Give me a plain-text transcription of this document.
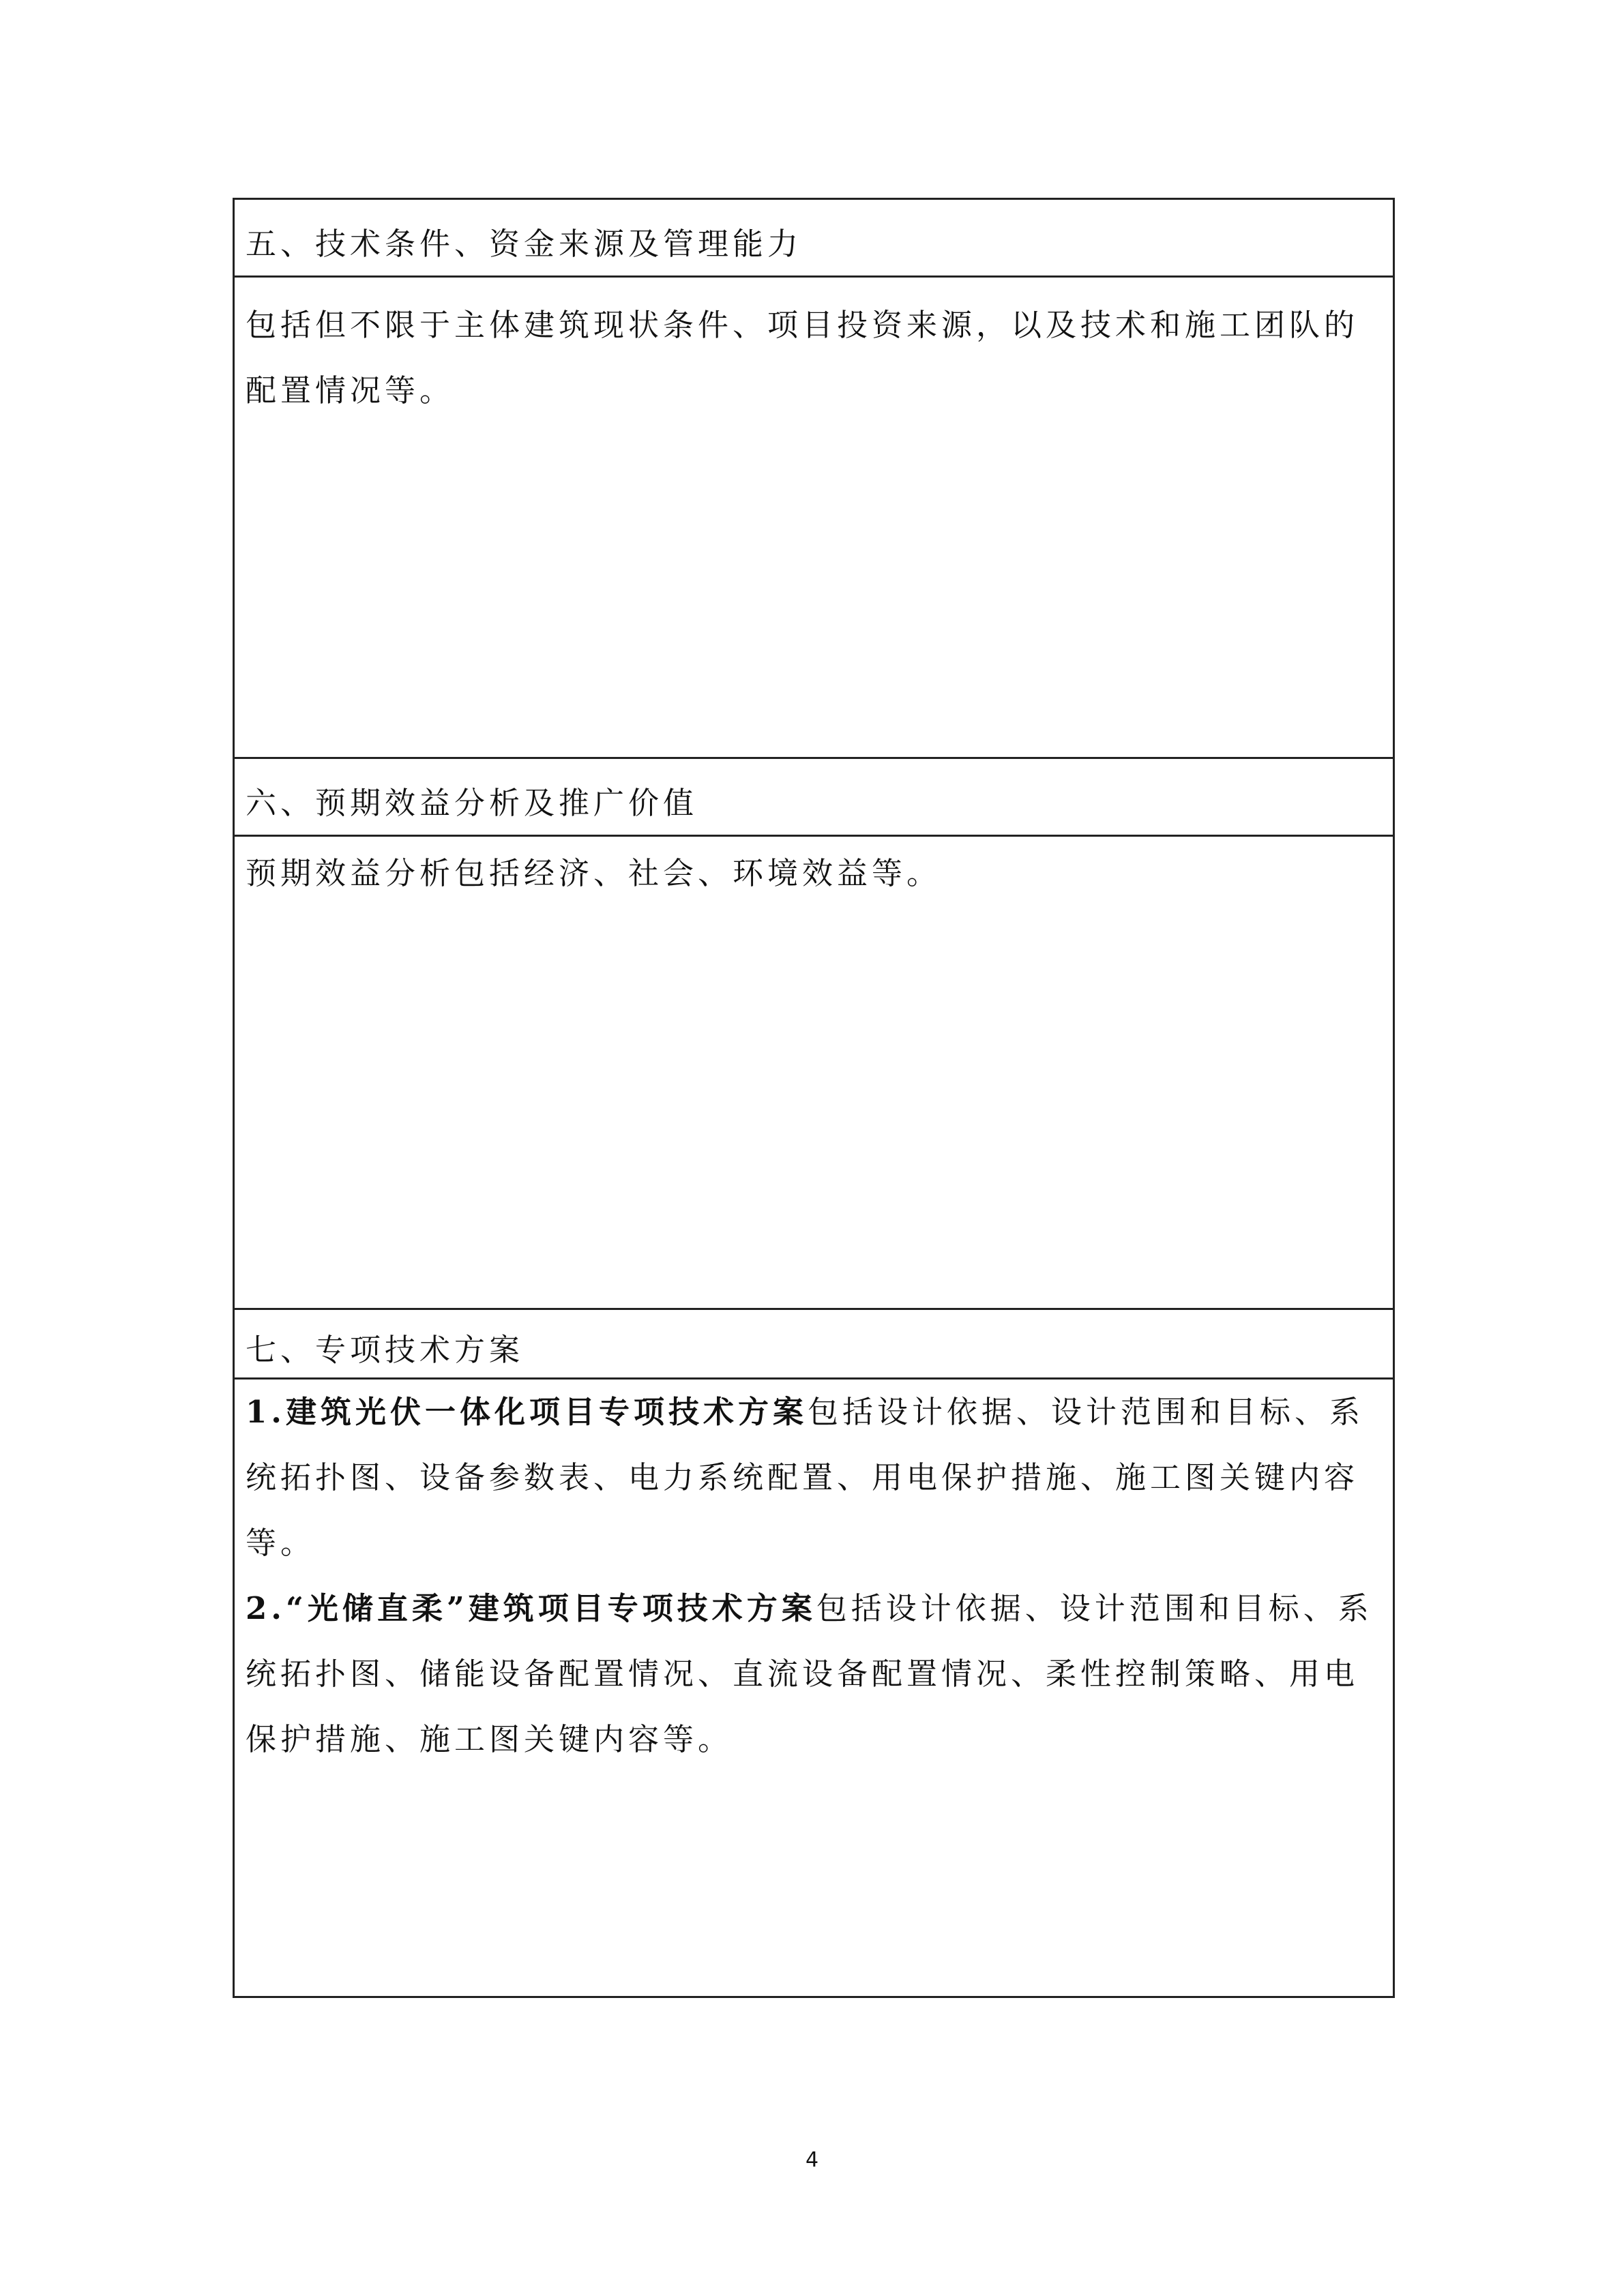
五、技术条件、资金来源及管理能力
包括但不限于主体建筑现状条件、项目投资来源，以及技术和施工团队的配置情况等。
六、预期效益分析及推广价值
预期效益分析包括经济、社会、环境效益等。
七、专项技术方案
1.建筑光伏一体化项目专项技术方案包括设计依据、设计范围和目标、系统拓扑图、设备参数表、电力系统配置、用电保护措施、施工图关键内容等。
2.“光储直柔”建筑项目专项技术方案包括设计依据、设计范围和目标、系统拓扑图、储能设备配置情况、直流设备配置情况、柔性控制策略、用电保护措施、施工图关键内容等。
4
